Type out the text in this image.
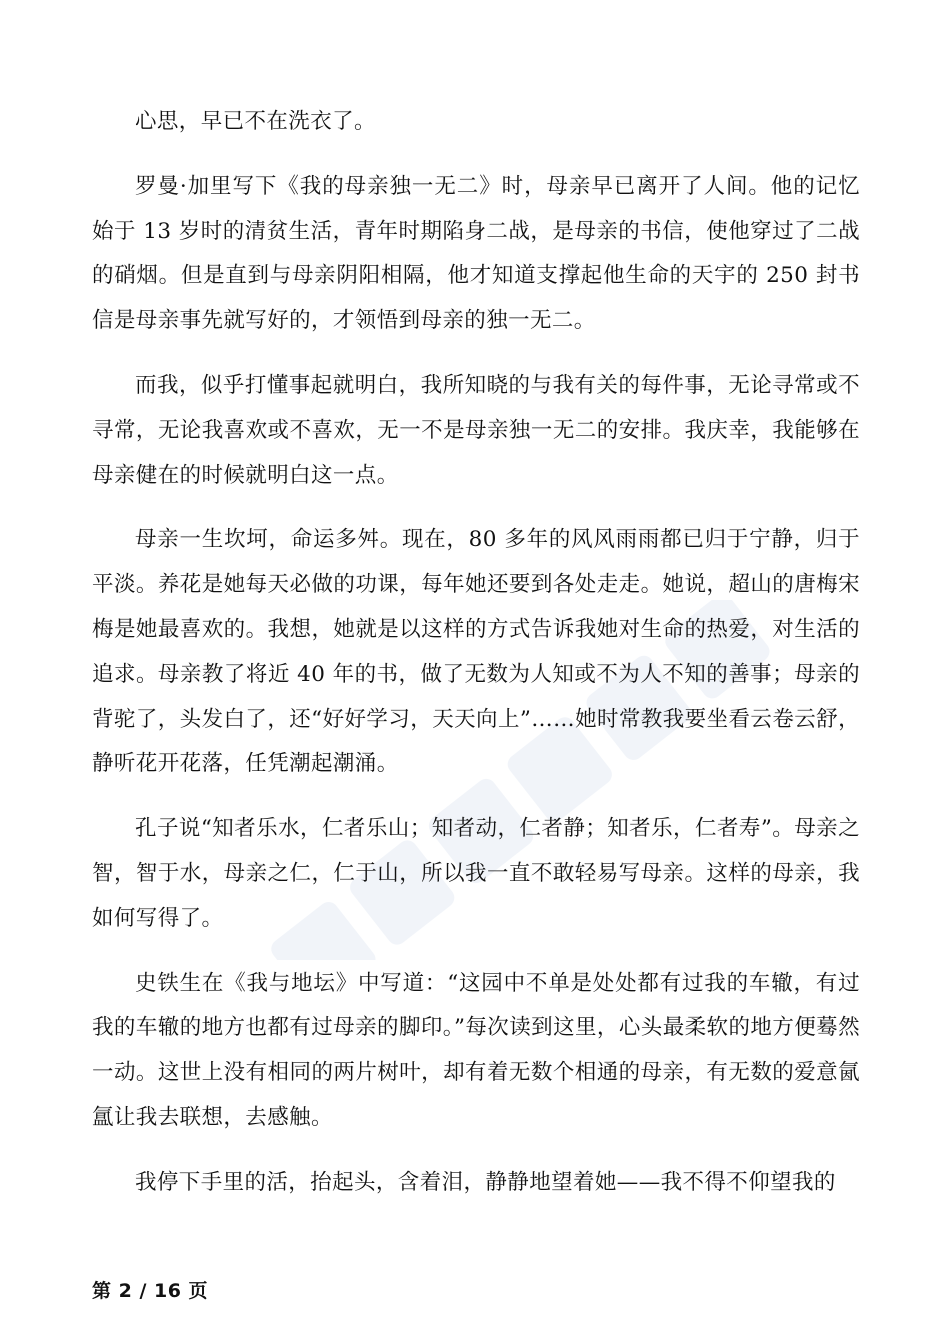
心思，早已不在洗衣了。

罗曼·加里写下《我的母亲独一无二》时，母亲早已离开了人间。他的记忆始于 13 岁时的清贫生活，青年时期陷身二战，是母亲的书信，使他穿过了二战的硝烟。但是直到与母亲阴阳相隔，他才知道支撑起他生命的天宇的 250 封书信是母亲事先就写好的，才领悟到母亲的独一无二。

而我，似乎打懂事起就明白，我所知晓的与我有关的每件事，无论寻常或不寻常，无论我喜欢或不喜欢，无一不是母亲独一无二的安排。我庆幸，我能够在母亲健在的时候就明白这一点。

母亲一生坎坷，命运多舛。现在，80 多年的风风雨雨都已归于宁静，归于平淡。养花是她每天必做的功课，每年她还要到各处走走。她说，超山的唐梅宋梅是她最喜欢的。我想，她就是以这样的方式告诉我她对生命的热爱，对生活的追求。母亲教了将近 40 年的书，做了无数为人知或不为人不知的善事；母亲的背驼了，头发白了，还“好好学习，天天向上”……她时常教我要坐看云卷云舒，静听花开花落，任凭潮起潮涌。

孔子说“知者乐水，仁者乐山；知者动，仁者静；知者乐，仁者寿”。母亲之智，智于水，母亲之仁，仁于山，所以我一直不敢轻易写母亲。这样的母亲，我如何写得了。

史铁生在《我与地坛》中写道：“这园中不单是处处都有过我的车辙，有过我的车辙的地方也都有过母亲的脚印。”每次读到这里，心头最柔软的地方便蓦然一动。这世上没有相同的两片树叶，却有着无数个相通的母亲，有无数的爱意氤氲让我去联想，去感触。

我停下手里的活，抬起头，含着泪，静静地望着她——我不得不仰望我的

第 2 / 16 页
